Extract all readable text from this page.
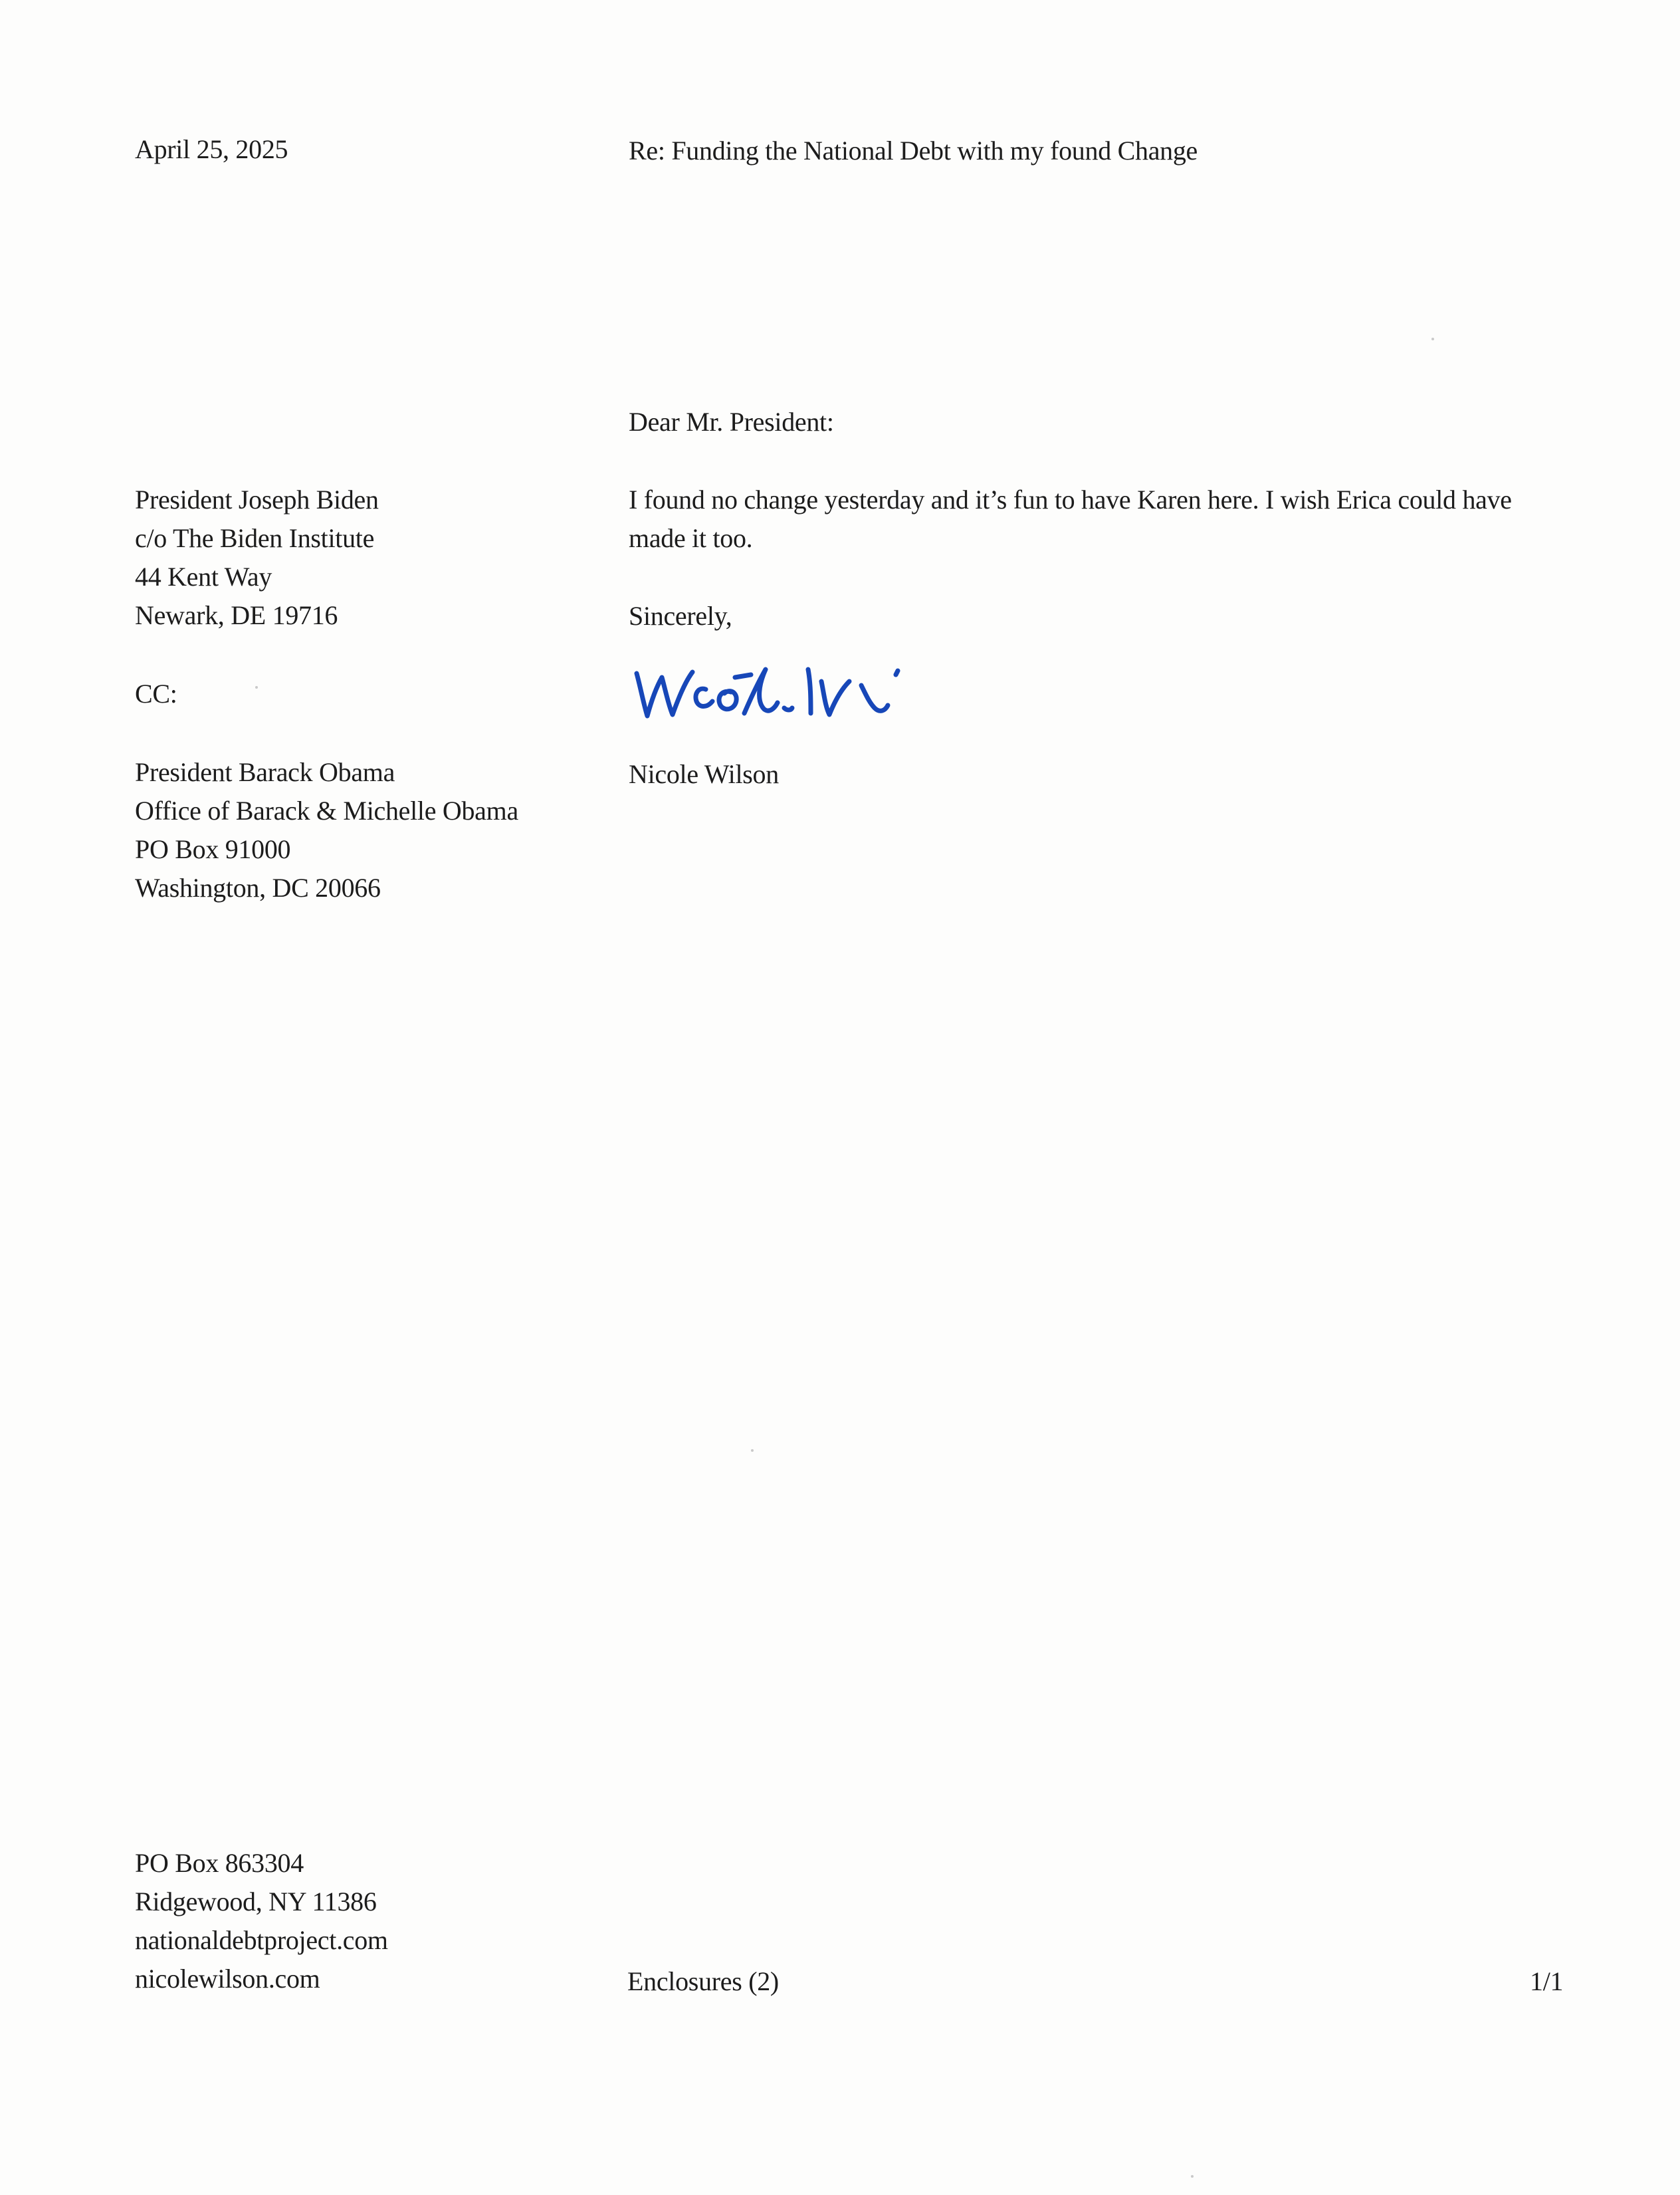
April 25, 2025	Re: Funding the National Debt with my found Change
Dear Mr. President:
President Joseph Biden
c/o The Biden Institute
44 Kent Way
Newark, DE 19716
I found no change yesterday and it’s fun to have Karen here. I wish Erica could have made it too.
Sincerely,
CC:
President Barack Obama
Office of Barack & Michelle Obama
PO Box 91000
Washington, DC 20066
Nicole Wilson
PO Box 863304
Ridgewood, NY 11386
nationaldebtproject.com
nicolewilson.com	Enclosures (2)	1/1
